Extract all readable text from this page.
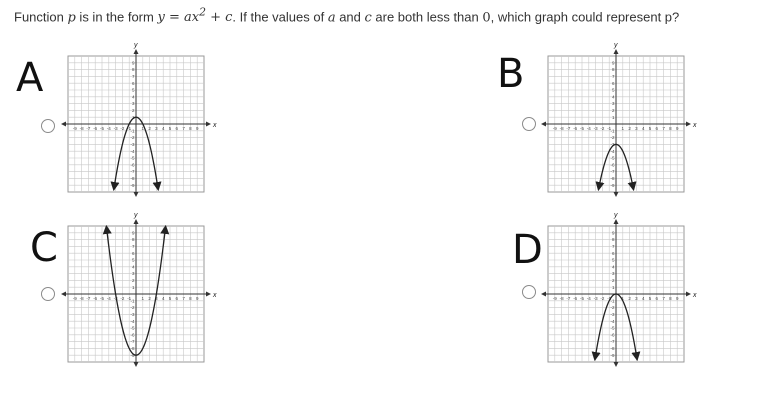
Function p is in the form $y = ax^2 + c$. If the values of a and c are both less than 0, which graph could represent p?
A
x
y
-9
-9
-8
-8
-7
-7
-6
-6
-5
-5
-4
-4
-3
-3
-2
-2
-1 -1 1
1
2
2
3
3
4
4
5
5
6
6
7
7
8
8
9
9	B
x
y
-9
-9
-8
-8
-7
-7
-6
-6
-5
-5
-4
-4
-3
-3
-2
-2
-1 -1 1
1
2
2
3
3
4
4
5
5
6
6
7
7
8
8
9
9
C
x
y
-9
-9
-8
-8
-7
-7
-6
-6
-5
-5
-4
-4
-3
-3
-2
-2
-1 -1 1
1
2
2
3
3
4
4
5
5
6
6
7
7
8
8
9
9	D
x
y
-9
-9
-8
-8
-7
-7
-6
-6
-5
-5
-4
-4
-3
-3
-2
-2
-1 -1 1
1
2
2
3
3
4
4
5
5
6
6
7
7
8
8
9
9
